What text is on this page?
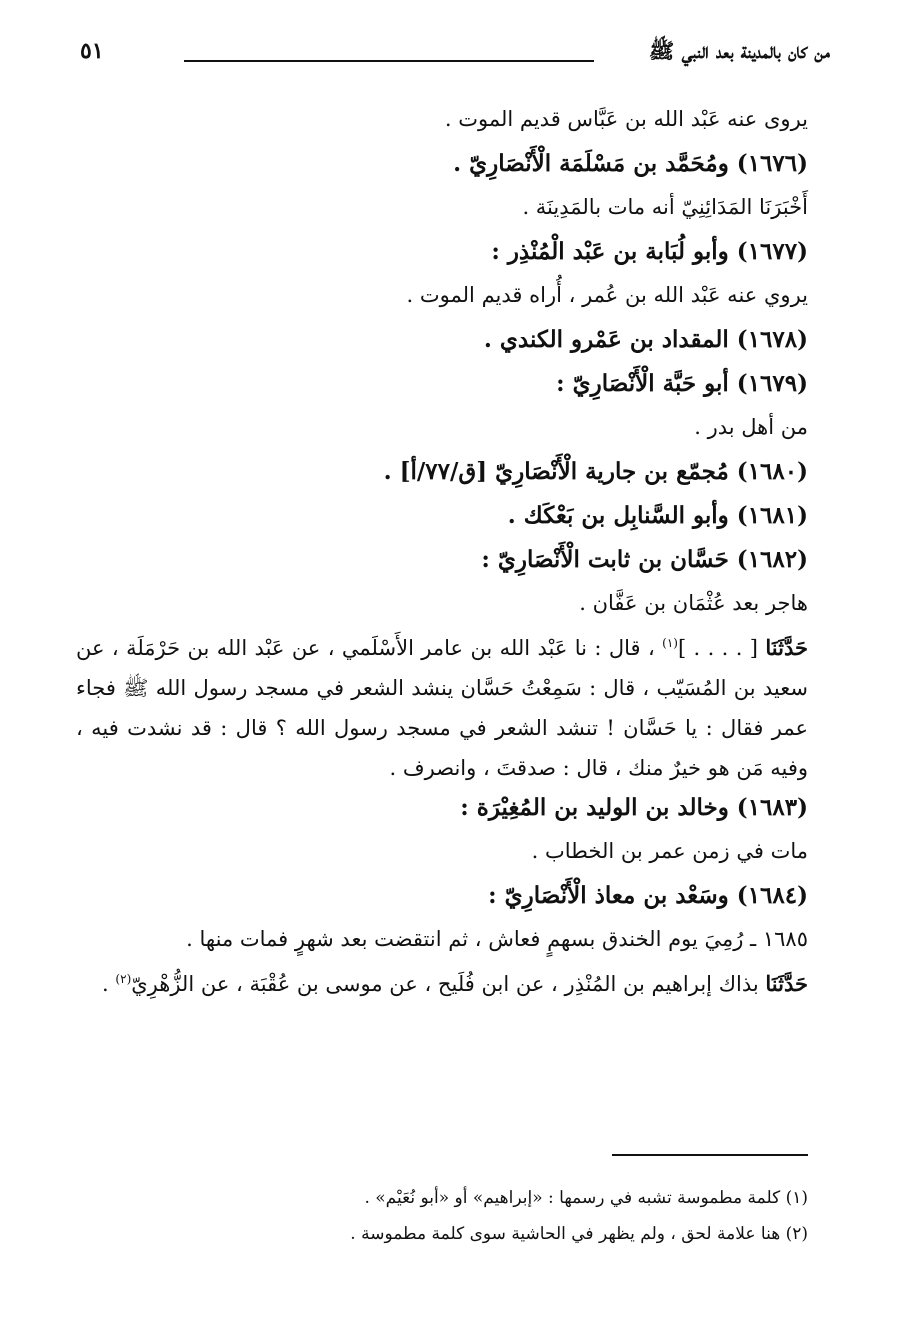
من كان بالمدينة بعد النبي ﷺ
٥١
يروى عنه عَبْد الله بن عَبَّاس قديم الموت .
(١٦٧٦) ومُحَمَّد بن مَسْلَمَة الْأَنْصَارِيّ .
أَخْبَرَنَا المَدَائِنِيّ أنه مات بالمَدِينَة .
(١٦٧٧) وأبو لُبَابة بن عَبْد الْمُنْذِر :
يروي عنه عَبْد الله بن عُمر ، أُراه قديم الموت .
(١٦٧٨) المقداد بن عَمْرو الكندي .
(١٦٧٩) أبو حَبَّة الْأَنْصَارِيّ :
من أهل بدر .
(١٦٨٠) مُجمّع بن جارية الْأَنْصَارِيّ [ق/٧٧/أ] .
(١٦٨١) وأبو السَّنابِل بن بَعْكَك .
(١٦٨٢) حَسَّان بن ثابت الْأَنْصَارِيّ :
هاجر بعد عُثْمَان بن عَفَّان .
حَدَّثَنَا [ . . . . ]$^{(١)}$ ، قال : نا عَبْد الله بن عامر الأَسْلَمي ، عن عَبْد الله بن حَرْمَلَة ، عن سعيد بن المُسَيّب ، قال : سَمِعْتُ حَسَّان ينشد الشعر في مسجد رسول الله ﷺ فجاء عمر فقال : يا حَسَّان ! تنشد الشعر في مسجد رسول الله ؟ قال : قد نشدت فيه ، وفيه مَن هو خيرٌ منك ، قال : صدقتَ ، وانصرف .
(١٦٨٣) وخالد بن الوليد بن المُغِيْرَة :
مات في زمن عمر بن الخطاب .
(١٦٨٤) وسَعْد بن معاذ الْأَنْصَارِيّ :
١٦٨٥ ـ رُمِيَ يوم الخندق بسهمٍ فعاش ، ثم انتقضت بعد شهرٍ فمات منها .
حَدَّثَنَا بذاك إبراهيم بن المُنْذِر ، عن ابن فُلَيح ، عن موسى بن عُقْبَة ، عن الزُّهْرِيّ$^{(٢)}$ .
(١) كلمة مطموسة تشبه في رسمها : «إبراهيم» أو «أبو نُعَيْم» .
(٢) هنا علامة لحق ، ولم يظهر في الحاشية سوى كلمة مطموسة .
